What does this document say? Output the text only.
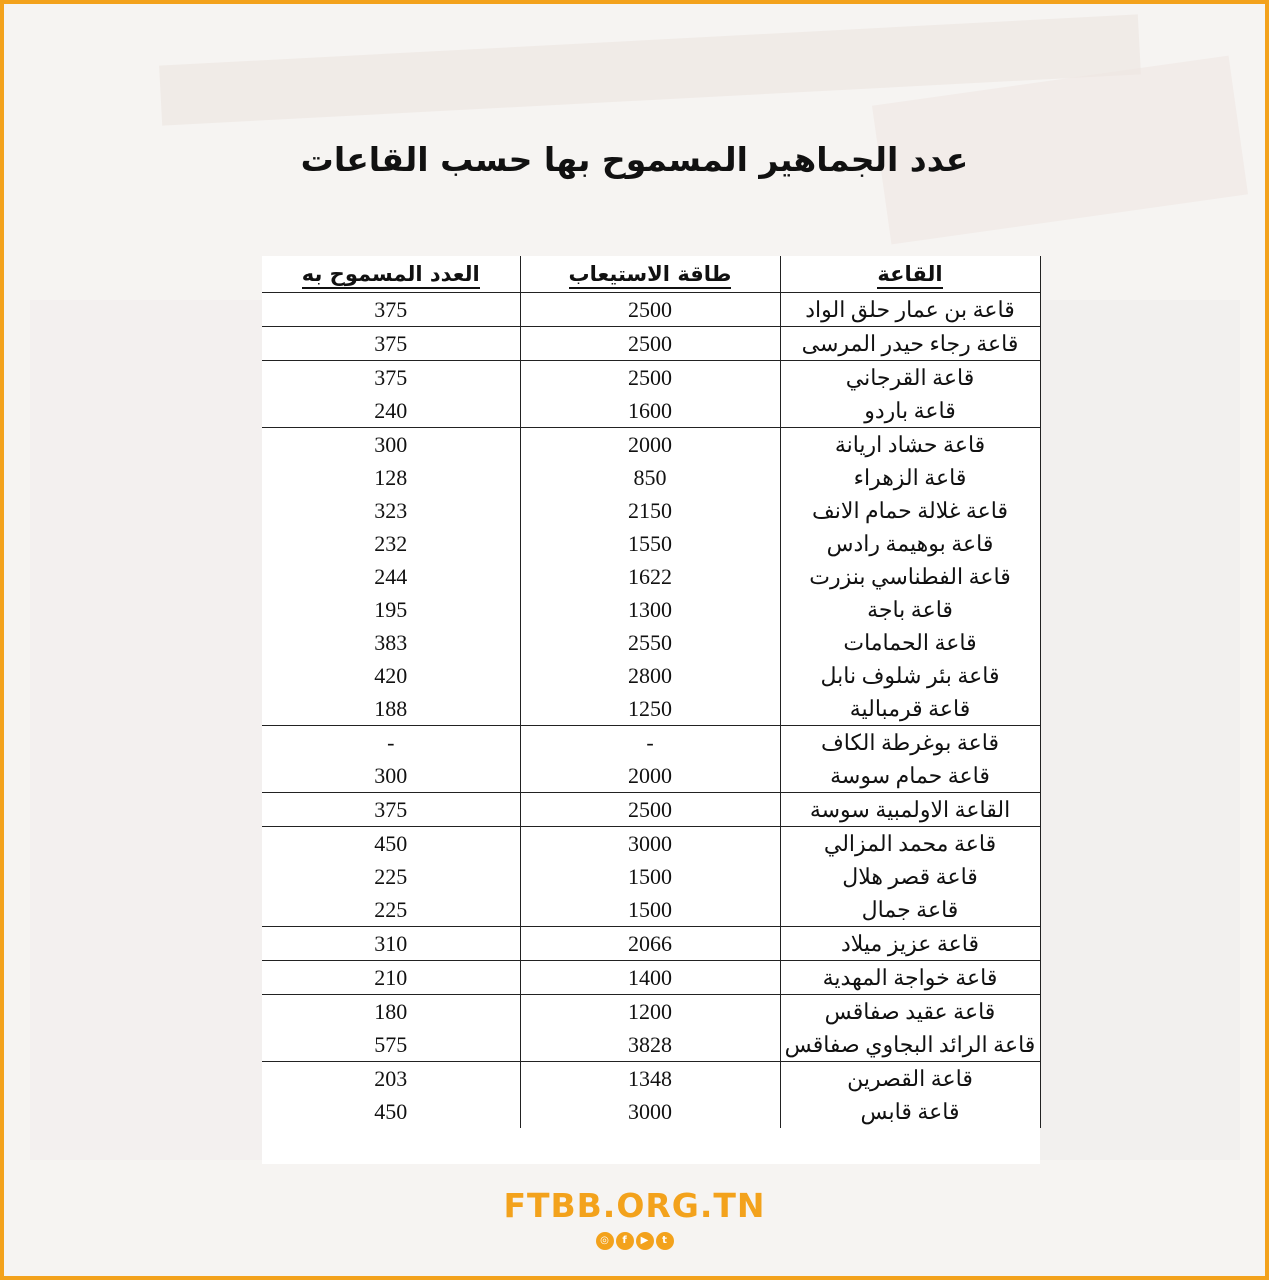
عدد الجماهير المسموح بها حسب القاعات
العدد المسموح به	طاقة الاستيعاب	القاعة
375	2500	قاعة بن عمار حلق الواد
375	2500	قاعة رجاء حيدر المرسى
375	2500	قاعة القرجاني
240	1600	قاعة باردو
300	2000	قاعة حشاد اريانة
128	850	قاعة الزهراء
323	2150	قاعة غلالة حمام الانف
232	1550	قاعة بوهيمة رادس
244	1622	قاعة الفطناسي بنزرت
195	1300	قاعة باجة
383	2550	قاعة الحمامات
420	2800	قاعة بئر شلوف نابل
188	1250	قاعة قرمبالية
-	-	قاعة بوغرطة الكاف
300	2000	قاعة حمام سوسة
375	2500	القاعة الاولمبية سوسة
450	3000	قاعة محمد المزالي
225	1500	قاعة قصر هلال
225	1500	قاعة جمال
310	2066	قاعة عزيز ميلاد
210	1400	قاعة خواجة المهدية
180	1200	قاعة عقيد صفاقس
575	3828	قاعة الرائد البجاوي صفاقس
203	1348	قاعة القصرين
450	3000	قاعة قابس
FTBB.ORG.TN
◎ f ▶ t
